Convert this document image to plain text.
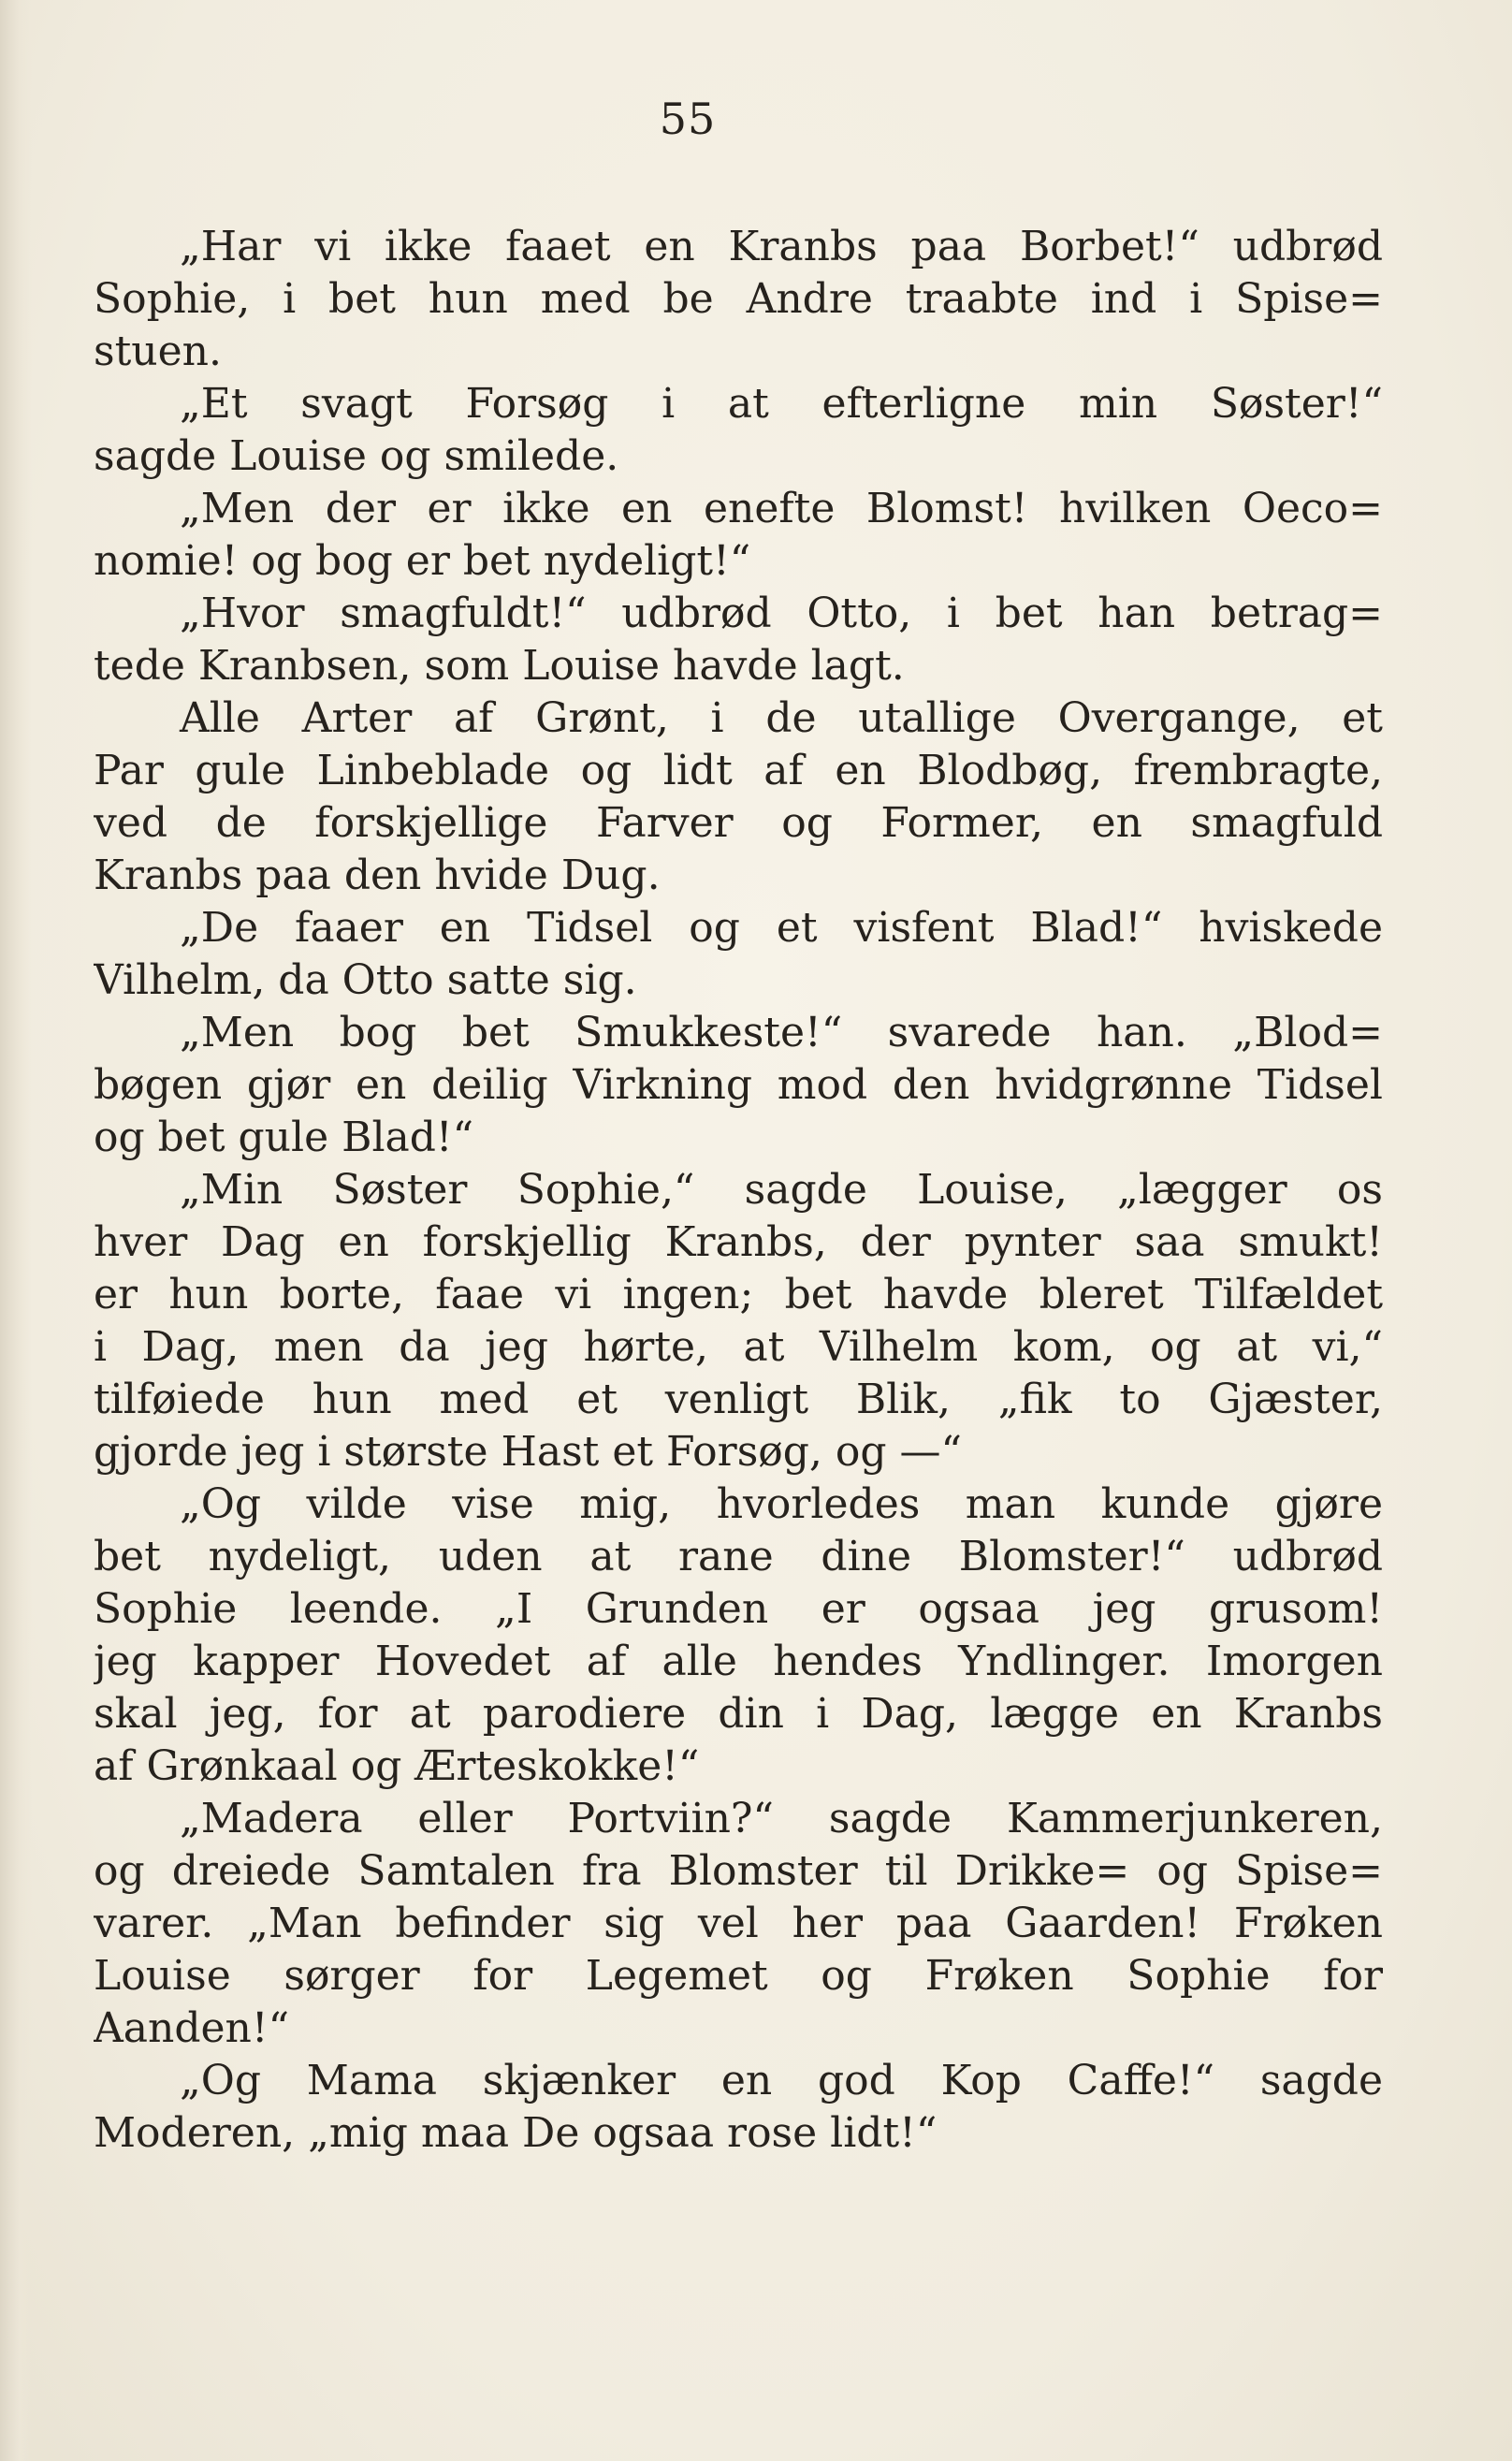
55
„Har vi ikke faaet en Kranbs paa Borbet!“ udbrød
Sophie, i bet hun med be Andre traabte ind i Spise=
stuen.
„Et svagt Forsøg i at efterligne min Søster!“
sagde Louise og smilede.
„Men der er ikke en enefte Blomst! hvilken Oeco=
nomie! og bog er bet nydeligt!“
„Hvor smagfuldt!“ udbrød Otto, i bet han betrag=
tede Kranbsen, som Louise havde lagt.
Alle Arter af Grønt, i de utallige Overgange, et
Par gule Linbeblade og lidt af en Blodbøg, frembragte,
ved de forskjellige Farver og Former, en smagfuld
Kranbs paa den hvide Dug.
„De faaer en Tidsel og et visfent Blad!“ hviskede
Vilhelm, da Otto satte sig.
„Men bog bet Smukkeste!“ svarede han. „Blod=
bøgen gjør en deilig Virkning mod den hvidgrønne Tidsel
og bet gule Blad!“
„Min Søster Sophie,“ sagde Louise, „lægger os
hver Dag en forskjellig Kranbs, der pynter saa smukt!
er hun borte, faae vi ingen; bet havde bleret Tilfældet
i Dag, men da jeg hørte, at Vilhelm kom, og at vi,“
tilføiede hun med et venligt Blik, „fik to Gjæster,
gjorde jeg i største Hast et Forsøg, og —“
„Og vilde vise mig, hvorledes man kunde gjøre
bet nydeligt, uden at rane dine Blomster!“ udbrød
Sophie leende. „I Grunden er ogsaa jeg grusom!
jeg kapper Hovedet af alle hendes Yndlinger. Imorgen
skal jeg, for at parodiere din i Dag, lægge en Kranbs
af Grønkaal og Ærteskokke!“
„Madera eller Portviin?“ sagde Kammerjunkeren,
og dreiede Samtalen fra Blomster til Drikke= og Spise=
varer. „Man befinder sig vel her paa Gaarden! Frøken
Louise sørger for Legemet og Frøken Sophie for
Aanden!“
„Og Mama skjænker en god Kop Caffe!“ sagde
Moderen, „mig maa De ogsaa rose lidt!“
